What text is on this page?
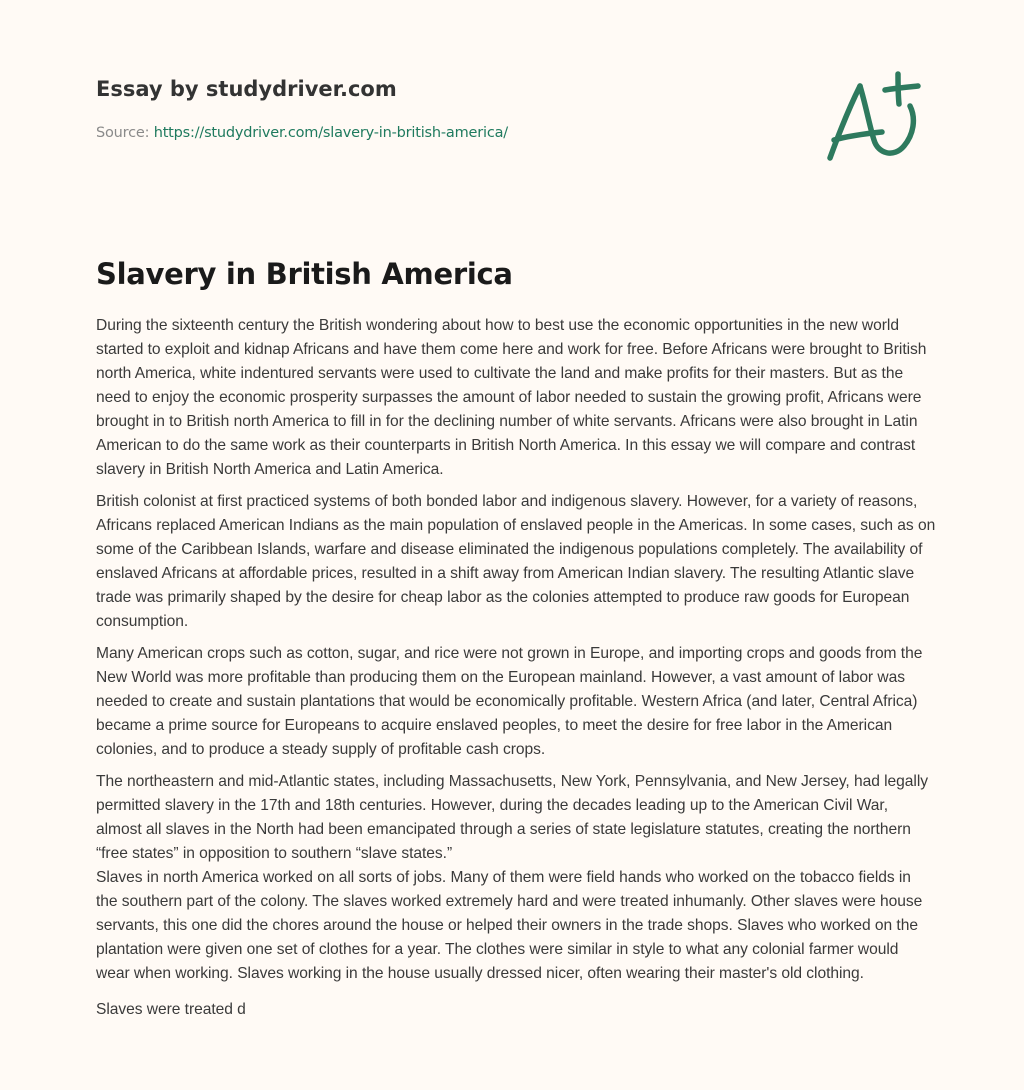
Essay by studydriver.com
Source: https://studydriver.com/slavery-in-british-america/
Slavery in British America

During the sixteenth century the British wondering about how to best use the economic opportunities in the new world started to exploit and kidnap Africans and have them come here and work for free. Before Africans were brought to British north America, white indentured servants were used to cultivate the land and make profits for their masters. But as the need to enjoy the economic prosperity surpasses the amount of labor needed to sustain the growing profit, Africans were brought in to British north America to fill in for the declining number of white servants. Africans were also brought in Latin American to do the same work as their counterparts in British North America. In this essay we will compare and contrast slavery in British North America and Latin America.

British colonist at first practiced systems of both bonded labor and indigenous slavery. However, for a variety of reasons, Africans replaced American Indians as the main population of enslaved people in the Americas. In some cases, such as on some of the Caribbean Islands, warfare and disease eliminated the indigenous populations completely. The availability of enslaved Africans at affordable prices, resulted in a shift away from American Indian slavery. The resulting Atlantic slave trade was primarily shaped by the desire for cheap labor as the colonies attempted to produce raw goods for European consumption.

Many American crops such as cotton, sugar, and rice were not grown in Europe, and importing crops and goods from the New World was more profitable than producing them on the European mainland. However, a vast amount of labor was needed to create and sustain plantations that would be economically profitable. Western Africa (and later, Central Africa) became a prime source for Europeans to acquire enslaved peoples, to meet the desire for free labor in the American colonies, and to produce a steady supply of profitable cash crops.

The northeastern and mid-Atlantic states, including Massachusetts, New York, Pennsylvania, and New Jersey, had legally permitted slavery in the 17th and 18th centuries. However, during the decades leading up to the American Civil War, almost all slaves in the North had been emancipated through a series of state legislature statutes, creating the northern “free states” in opposition to southern “slave states.”

Slaves in north America worked on all sorts of jobs. Many of them were field hands who worked on the tobacco fields in the southern part of the colony. The slaves worked extremely hard and were treated inhumanly. Other slaves were house servants, this one did the chores around the house or helped their owners in the trade shops. Slaves who worked on the plantation were given one set of clothes for a year. The clothes were similar in style to what any colonial farmer would wear when working. Slaves working in the house usually dressed nicer, often wearing their master's old clothing.

Slaves were treated d
